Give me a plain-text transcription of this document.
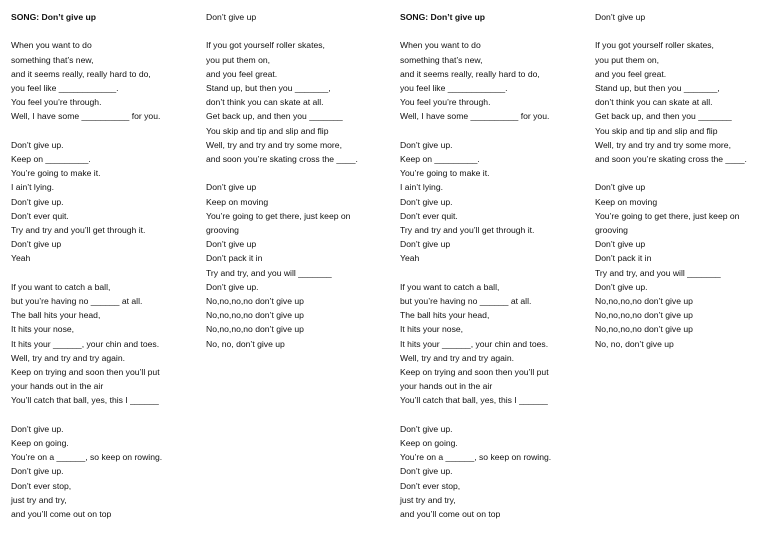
SONG: Don’t give up
When you want to do
something that’s new,
and it seems really, really hard to do,
you feel like ____________.
You feel you’re through.
Well, I have some __________ for you.
Don’t give up.
Keep on _________.
You’re going to make it.
I ain’t lying.
Don’t give up.
Don’t ever quit.
Try and try and you’ll get through it.
Don’t give up
Yeah
If you want to catch a ball,
but you’re having no ______ at all.
The ball hits your head,
It hits your nose,
It hits your ______, your chin and toes.
Well, try and try and try again.
Keep on trying and soon then you’ll put
your hands out in the air
You’ll catch that ball, yes, this I ______
Don’t give up.
Keep on going.
You’re on a ______, so keep on rowing.
Don’t give up.
Don’t ever stop,
just try and try,
and you’ll come out on top
Don’t give up
If you got yourself roller skates,
you put them on,
and you feel great.
Stand up, but then you _______,
don’t think you can skate at all.
Get back up, and then you _______
You skip and tip and slip and flip
Well, try and try and try some more,
and soon you’re skating cross the ____.
Don’t give up
Keep on moving
You’re going to get there, just keep on
grooving
Don’t give up
Don’t pack it in
Try and try, and you will _______
Don’t give up.
No,no,no,no don’t give up
No,no,no,no don’t give up
No,no,no,no don’t give up
No, no, don’t give up
SONG: Don’t give up
When you want to do
something that’s new,
and it seems really, really hard to do,
you feel like ____________.
You feel you’re through.
Well, I have some __________ for you.
Don’t give up.
Keep on _________.
You’re going to make it.
I ain’t lying.
Don’t give up.
Don’t ever quit.
Try and try and you’ll get through it.
Don’t give up
Yeah
If you want to catch a ball,
but you’re having no ______ at all.
The ball hits your head,
It hits your nose,
It hits your ______, your chin and toes.
Well, try and try and try again.
Keep on trying and soon then you’ll put
your hands out in the air
You’ll catch that ball, yes, this I ______
Don’t give up.
Keep on going.
You’re on a ______, so keep on rowing.
Don’t give up.
Don’t ever stop,
just try and try,
and you’ll come out on top
Don’t give up
If you got yourself roller skates,
you put them on,
and you feel great.
Stand up, but then you _______,
don’t think you can skate at all.
Get back up, and then you _______
You skip and tip and slip and flip
Well, try and try and try some more,
and soon you’re skating cross the ____.
Don’t give up
Keep on moving
You’re going to get there, just keep on
grooving
Don’t give up
Don’t pack it in
Try and try, and you will _______
Don’t give up.
No,no,no,no don’t give up
No,no,no,no don’t give up
No,no,no,no don’t give up
No, no, don’t give up
